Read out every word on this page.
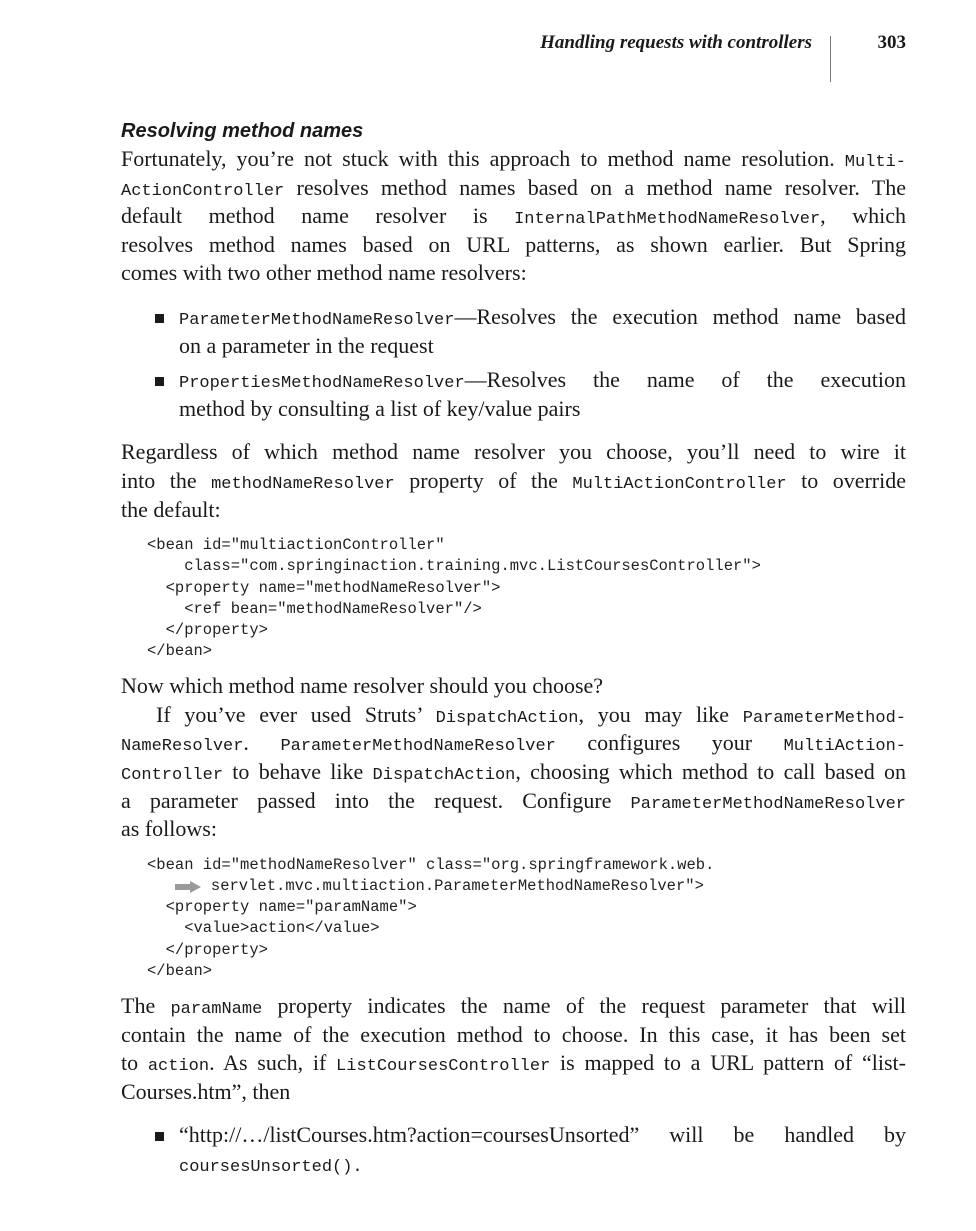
Handling requests with controllers	303
Resolving method names
Fortunately, you’re not stuck with this approach to method name resolution. Multi-
ActionController resolves method names based on a method name resolver. The
default method name resolver is InternalPathMethodNameResolver, which
resolves method names based on URL patterns, as shown earlier. But Spring
comes with two other method name resolvers:
ParameterMethodNameResolver—Resolves the execution method name based
on a parameter in the request
PropertiesMethodNameResolver—Resolves the name of the execution
method by consulting a list of key/value pairs
Regardless of which method name resolver you choose, you’ll need to wire it
into the methodNameResolver property of the MultiActionController to override
the default:
<bean id="multiactionController"
class="com.springinaction.training.mvc.ListCoursesController">
<property name="methodNameResolver">
<ref bean="methodNameResolver"/>
</property>
</bean>
Now which method name resolver should you choose?
If you’ve ever used Struts’ DispatchAction, you may like ParameterMethod-
NameResolver. ParameterMethodNameResolver configures your MultiAction-
Controller to behave like DispatchAction, choosing which method to call based on
a parameter passed into the request. Configure ParameterMethodNameResolver
as follows:
<bean id="methodNameResolver" class="org.springframework.web.
servlet.mvc.multiaction.ParameterMethodNameResolver">
<property name="paramName">
<value>action</value>
</property>
</bean>
The paramName property indicates the name of the request parameter that will
contain the name of the execution method to choose. In this case, it has been set
to action. As such, if ListCoursesController is mapped to a URL pattern of “list-
Courses.htm”, then
“http://…/listCourses.htm?action=coursesUnsorted” will be handled by
coursesUnsorted().
